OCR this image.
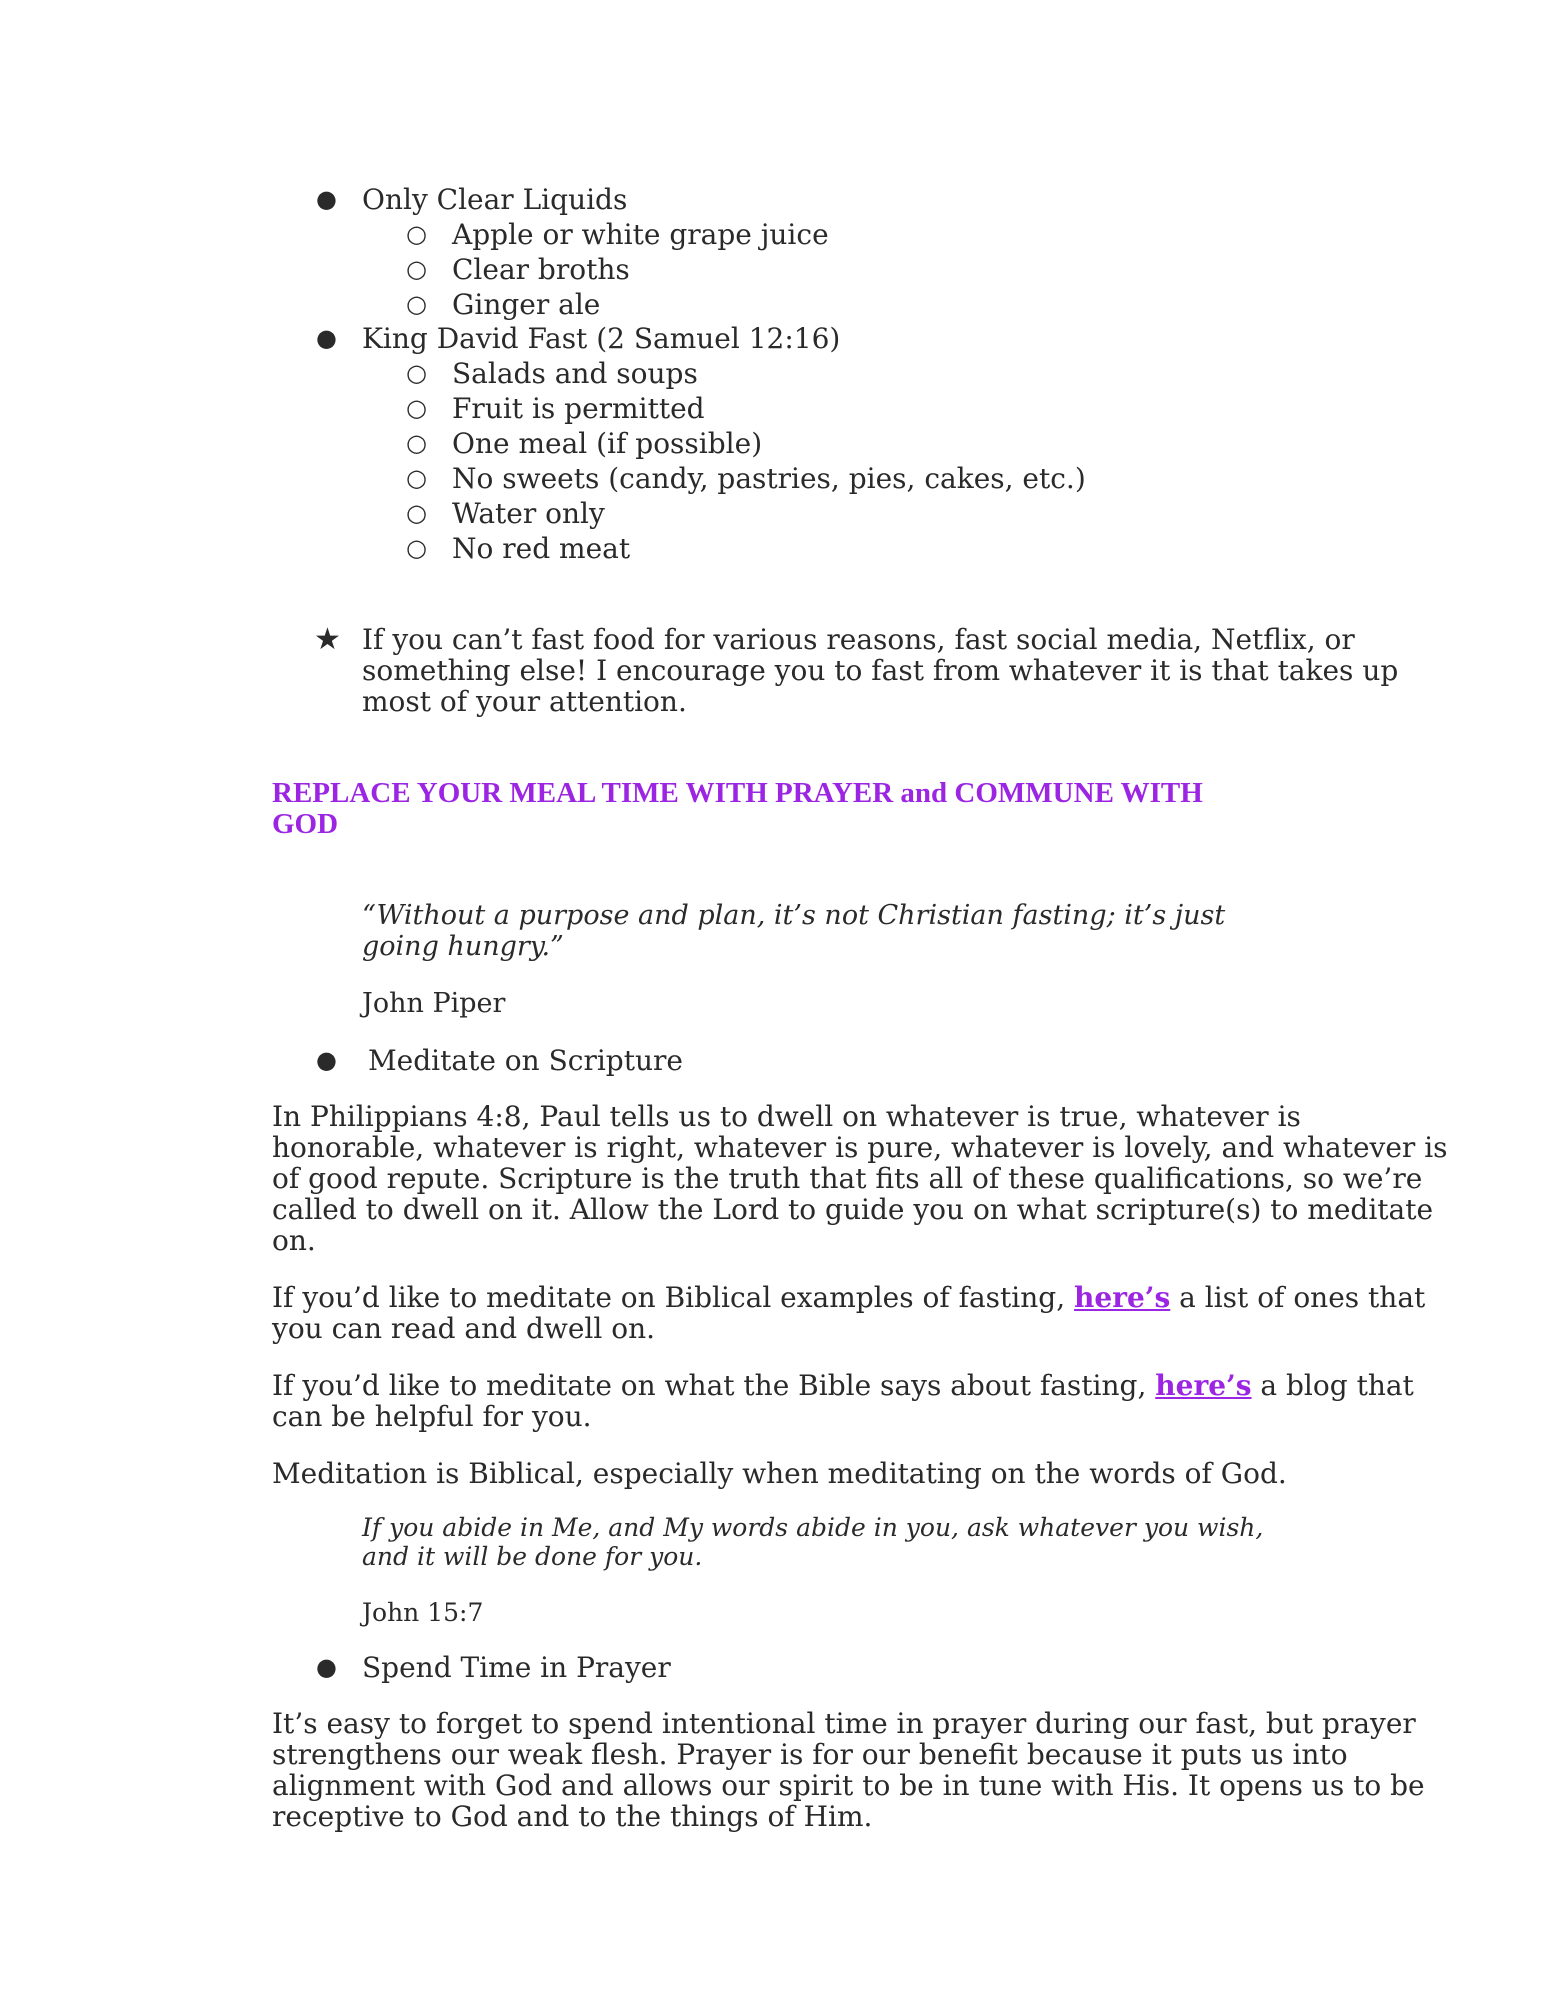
● Only Clear Liquids
○ Apple or white grape juice
○ Clear broths
○ Ginger ale
● King David Fast (2 Samuel 12:16)
○ Salads and soups
○ Fruit is permitted
○ One meal (if possible)
○ No sweets (candy, pastries, pies, cakes, etc.)
○ Water only
○ No red meat
★ If you can’t fast food for various reasons, fast social media, Netflix, or
something else! I encourage you to fast from whatever it is that takes up
most of your attention.
REPLACE YOUR MEAL TIME WITH PRAYER and COMMUNE WITH
GOD
“Without a purpose and plan, it’s not Christian fasting; it’s just
going hungry.”
John Piper
● Meditate on Scripture
In Philippians 4:8, Paul tells us to dwell on whatever is true, whatever is
honorable, whatever is right, whatever is pure, whatever is lovely, and whatever is
of good repute. Scripture is the truth that fits all of these qualifications, so we’re
called to dwell on it. Allow the Lord to guide you on what scripture(s) to meditate
on.
If you’d like to meditate on Biblical examples of fasting, here’s a list of ones that
you can read and dwell on.
If you’d like to meditate on what the Bible says about fasting, here’s a blog that
can be helpful for you.
Meditation is Biblical, especially when meditating on the words of God.
If you abide in Me, and My words abide in you, ask whatever you wish,
and it will be done for you.
John 15:7
● Spend Time in Prayer
It’s easy to forget to spend intentional time in prayer during our fast, but prayer
strengthens our weak flesh. Prayer is for our benefit because it puts us into
alignment with God and allows our spirit to be in tune with His. It opens us to be
receptive to God and to the things of Him.
